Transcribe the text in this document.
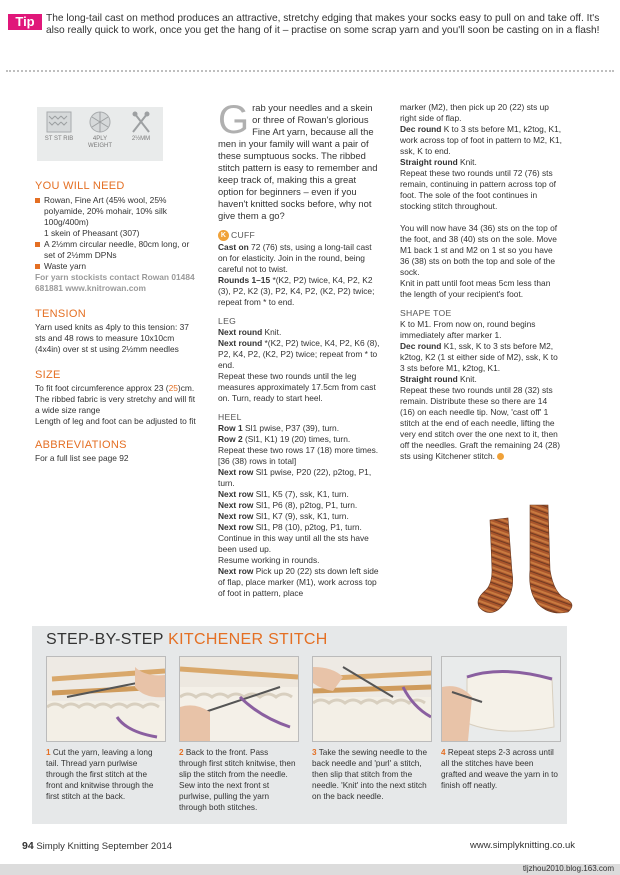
Tip	The long-tail cast on method produces an attractive, stretchy edging that makes your socks easy to pull on and take off. It's also really quick to work, once you get the hang of it – practise on some scrap yarn and you'll soon be casting on in a flash!
ST ST RIB	4PLY WEIGHT
2½MM
YOU WILL NEED
Rowan, Fine Art (45% wool, 25% polyamide, 20% mohair, 10% silk 100g/400m)
1 skein of Pheasant (307)
A 2½mm circular needle, 80cm long, or set of 2½mm DPNs
Waste yarn
For yarn stockists contact Rowan 01484 681881 www.knitrowan.com
TENSION
Yarn used knits as 4ply to this tension: 37 sts and 48 rows to measure 10x10cm (4x4in) over st st using 2½mm needles
SIZE
To fit foot circumference approx 23 (25)cm. The ribbed fabric is very stretchy and will fit a wide size range
Length of leg and foot can be adjusted to fit
ABBREVIATIONS
For a full list see page 92
Grab your needles and a skein or three of Rowan's glorious Fine Art yarn, because all the men in your family will want a pair of these sumptuous socks. The ribbed stitch pattern is easy to remember and keep track of, making this a great option for beginners – even if you haven't knitted socks before, why not give them a go?
K CUFF
Cast on 72 (76) sts, using a long-tail cast on for elasticity. Join in the round, being careful not to twist.
Rounds 1–15 *(K2, P2) twice, K4, P2, K2 (3), P2, K2 (3), P2, K4, P2, (K2, P2) twice; repeat from * to end.
LEG
Next round Knit.
Next round *(K2, P2) twice, K4, P2, K6 (8), P2, K4, P2, (K2, P2) twice; repeat from * to end.
Repeat these two rounds until the leg measures approximately 17.5cm from cast on. Turn, ready to start heel.
HEEL
Row 1 Sl1 pwise, P37 (39), turn.
Row 2 (Sl1, K1) 19 (20) times, turn.
Repeat these two rows 17 (18) more times. [36 (38) rows in total]
Next row Sl1 pwise, P20 (22), p2tog, P1, turn.
Next row Sl1, K5 (7), ssk, K1, turn.
Next row Sl1, P6 (8), p2tog, P1, turn.
Next row Sl1, K7 (9), ssk, K1, turn.
Next row Sl1, P8 (10), p2tog, P1, turn.
Continue in this way until all the sts have been used up.
Resume working in rounds.
Next row Pick up 20 (22) sts down left side of flap, place marker (M1), work across top of foot in pattern, place
marker (M2), then pick up 20 (22) sts up right side of flap.
Dec round K to 3 sts before M1, k2tog, K1, work across top of foot in pattern to M2, K1, ssk, K to end.
Straight round Knit.
Repeat these two rounds until 72 (76) sts remain, continuing in pattern across top of foot. The sole of the foot continues in stocking stitch throughout.
You will now have 34 (36) sts on the top of the foot, and 38 (40) sts on the sole. Move M1 back 1 st and M2 on 1 st so you have 36 (38) sts on both the top and sole of the sock.
Knit in patt until foot meas 5cm less than the length of your recipient's foot.
SHAPE TOE
K to M1. From now on, round begins immediately after marker 1.
Dec round K1, ssk, K to 3 sts before M2, k2tog, K2 (1 st either side of M2), ssk, K to 3 sts before M1, k2tog, K1.
Straight round Knit.
Repeat these two rounds until 28 (32) sts remain. Distribute these so there are 14 (16) on each needle tip. Now, 'cast off' 1 stitch at the end of each needle, lifting the very end stitch over the one next to it, then off the needles. Graft the remaining 24 (28) sts using Kitchener stitch.
STEP-BY-STEP KITCHENER STITCH
1 Cut the yarn, leaving a long tail. Thread yarn purlwise through the first stitch at the front and knitwise through the first stitch at the back.
2 Back to the front. Pass through first stitch knitwise, then slip the stitch from the needle. Sew into the next front st purlwise, pulling the yarn through both stitches.
3 Take the sewing needle to the back needle and 'purl' a stitch, then slip that stitch from the needle. 'Knit' into the next stitch on the back needle.
4 Repeat steps 2-3 across until all the stitches have been grafted and weave the yarn in to finish off neatly.
94 Simply Knitting September 2014	www.simplyknitting.co.uk
tljzhou2010.blog.163.com
